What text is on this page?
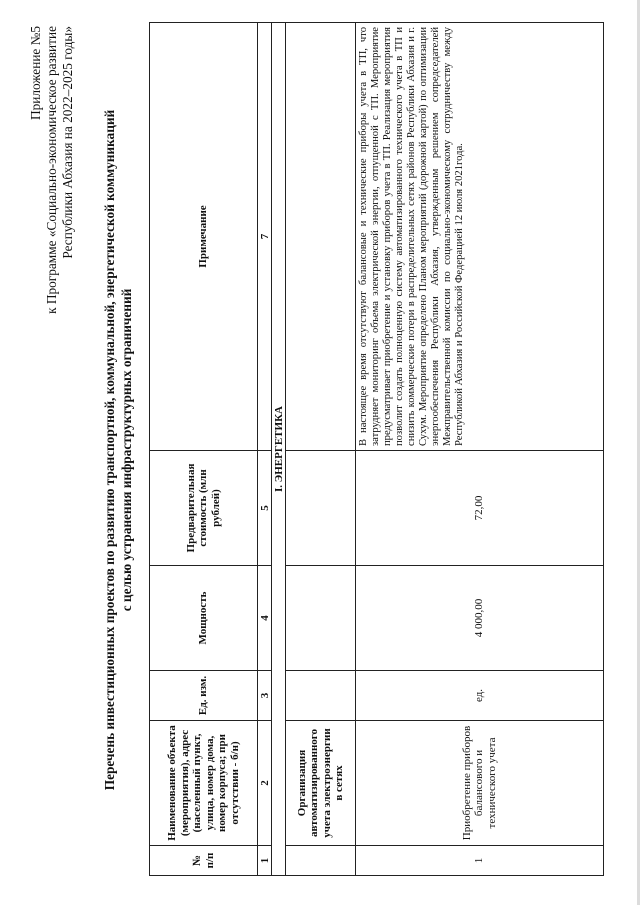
Приложение №5 к Программе «Социально-экономическое развитие Республики Абхазия на 2022–2025 годы» Перечень инвестиционных проектов по развитию транспортной, коммунальной, энергетической коммуникаций с целью устранения инфраструктурных ограничений
№ п/п	Наименование объекта (мероприятия), адрес (населенный пункт, улица, номер дома, номер корпуса; при отсутствии - б/н)	Ед. изм.	Мощность	Предварительная стоимость (млн рублей)	Примечание
1	2	3	4	5	7
I. ЭНЕРГЕТИКА					
	Организация автоматизированного учета электроэнергии в сетях				
1	Приобретение приборов балансового и технического учета	ед.	4 000,00	72,00	В настоящее время отсутствуют балансовые и технические приборы учета в ТП, что затрудняет мониторинг объема электрической энергии, отпущенной с ТП. Мероприятие предусматривает приобретение и установку приборов учета в ТП. Реализация мероприятия позволит создать полноценную систему автоматизированного технического учета в ТП и снизить коммерческие потери в распределительных сетях районов Республики Абхазия и г. Сухум. Мероприятие определено Планом мероприятий (дорожной картой) по оптимизации энергообеспечения Республики Абхазия, утвержденным решением сопредседателей Межправительственной комиссии по социально-экономическому сотрудничеству между Республикой Абхазия и Российской Федерацией 12 июля 2021года.
